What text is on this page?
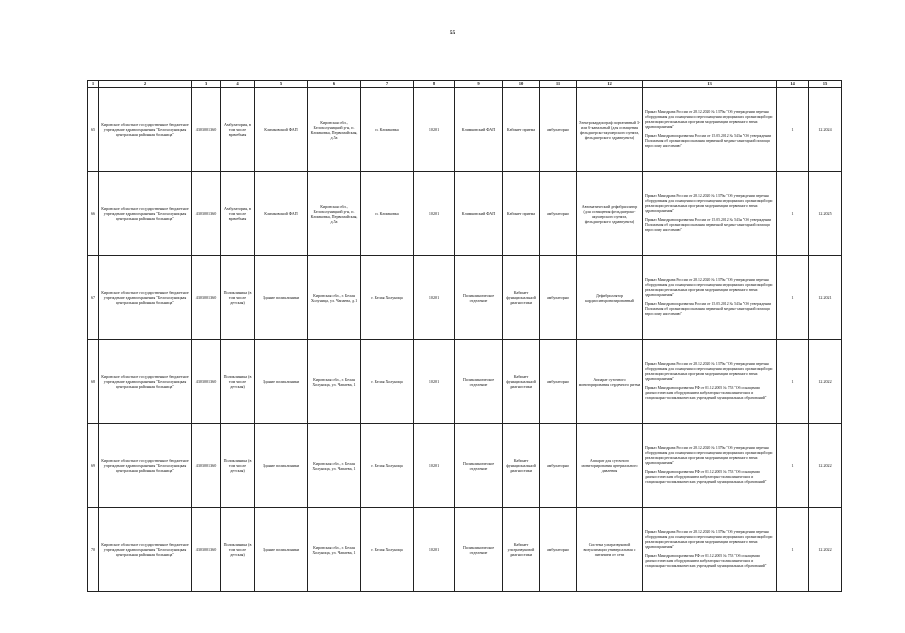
55
1	2	3	4	5	6	7	8	9	10	11	12	13	14	15
65	Кировское областное государственное бюджетное учреждение здравоохранения "Белохолуницкая центральная районная больница"	4303001360	Амбулатория, в том числе врачебная	Климковский ФАП	Кировская обл., Белохолуницкий р-н, п. Климковка, Первомайская, д.5а	п. Климковка	10201	Климковский ФАП	Кабинет приема	амбулаторно	Электрокардиограф портативный 3- или 6-канальный (для оснащения фельдшерско-акушерского пункта, фельдшерского здравпункта)	Приказ Минздрава России от 28.12.2020 № 1379н "Об утверждении перечня оборудования для оснащения и переоснащения медицинских организаций при реализации региональных программ модернизации первичного звена здравоохранения"
Приказ Минздравсоцразвития России от 15.05.2012 № 543н "Об утверждении Положения об организации оказания первичной медико-санитарной помощи взрослому населению"	1	12.2024
66	Кировское областное государственное бюджетное учреждение здравоохранения "Белохолуницкая центральная районная больница"	4303001360	Амбулатория, в том числе врачебная	Климковский ФАП	Кировская обл., Белохолуницкий р-н, п. Климковка, Первомайская, д.5а	п. Климковка	10201	Климковский ФАП	Кабинет приема	амбулаторно	Автоматический дефибриллятор (для оснащения фельдшерско-акушерского пункта, фельдшерского здравпункта)	Приказ Минздрава России от 28.12.2020 № 1379н "Об утверждении перечня оборудования для оснащения и переоснащения медицинских организаций при реализации региональных программ модернизации первичного звена здравоохранения"
Приказ Минздравсоцразвития России от 15.05.2012 № 543н "Об утверждении Положения об организации оказания первичной медико-санитарной помощи взрослому населению"	1	12.2025
67	Кировское областное государственное бюджетное учреждение здравоохранения "Белохолуницкая центральная районная больница"	4303001360	Поликлиника (в том числе детская)	Здание поликлиники	Кировская обл., г. Белая Холуница, ул. Чапаева, д.1	г. Белая Холуница	10201	Поликлиническое отделение	Кабинет функциональной диагностики	амбулаторно	Дефибриллятор кардиосинхронизированный	Приказ Минздрава России от 28.12.2020 № 1379н "Об утверждении перечня оборудования для оснащения и переоснащения медицинских организаций при реализации региональных программ модернизации первичного звена здравоохранения"
Приказ Минздравсоцразвития России от 15.05.2012 № 543н "Об утверждении Положения об организации оказания первичной медико-санитарной помощи взрослому населению"	1	12.2021
68	Кировское областное государственное бюджетное учреждение здравоохранения "Белохолуницкая центральная районная больница"	4303001360	Поликлиника (в том числе детская)	Здание поликлиники	Кировская обл., г. Белая Холуница, ул. Чапаева, 1	г. Белая Холуница	10201	Поликлиническое отделение	Кабинет функциональной диагностики	амбулаторно	Аппарат суточного мониторирования сердечного ритма	Приказ Минздрава России от 28.12.2020 № 1379н "Об утверждении перечня оборудования для оснащения и переоснащения медицинских организаций при реализации региональных программ модернизации первичного звена здравоохранения"
Приказ Минздравсоцразвития РФ от 01.12.2005 № 753 "Об оснащении диагностическим оборудованием амбулаторно-поликлинических и стационарно-поликлинических учреждений муниципальных образований"	1	12.2022
69	Кировское областное государственное бюджетное учреждение здравоохранения "Белохолуницкая центральная районная больница"	4303001360	Поликлиника (в том числе детская)	Здание поликлиники	Кировская обл., г. Белая Холуница, ул. Чапаева, 1	г. Белая Холуница	10201	Поликлиническое отделение	Кабинет функциональной диагностики	амбулаторно	Аппарат для суточного мониторирования артериального давления	Приказ Минздрава России от 28.12.2020 № 1379н "Об утверждении перечня оборудования для оснащения и переоснащения медицинских организаций при реализации региональных программ модернизации первичного звена здравоохранения"
Приказ Минздравсоцразвития РФ от 01.12.2005 № 753 "Об оснащении диагностическим оборудованием амбулаторно-поликлинических и стационарно-поликлинических учреждений муниципальных образований"	1	12.2022
70	Кировское областное государственное бюджетное учреждение здравоохранения "Белохолуницкая центральная районная больница"	4303001360	Поликлиника (в том числе детская)	Здание поликлиники	Кировская обл., г. Белая Холуница, ул. Чапаева, 1	г. Белая Холуница	10201	Поликлиническое отделение	Кабинет ультразвуковой диагностики	амбулаторно	Система ультразвуковой визуализации универсальная с питанием от сети	Приказ Минздрава России от 28.12.2020 № 1379н "Об утверждении перечня оборудования для оснащения и переоснащения медицинских организаций при реализации региональных программ модернизации первичного звена здравоохранения"
Приказ Минздравсоцразвития РФ от 01.12.2005 № 753 "Об оснащении диагностическим оборудованием амбулаторно-поликлинических и стационарно-поликлинических учреждений муниципальных образований"	1	12.2022
